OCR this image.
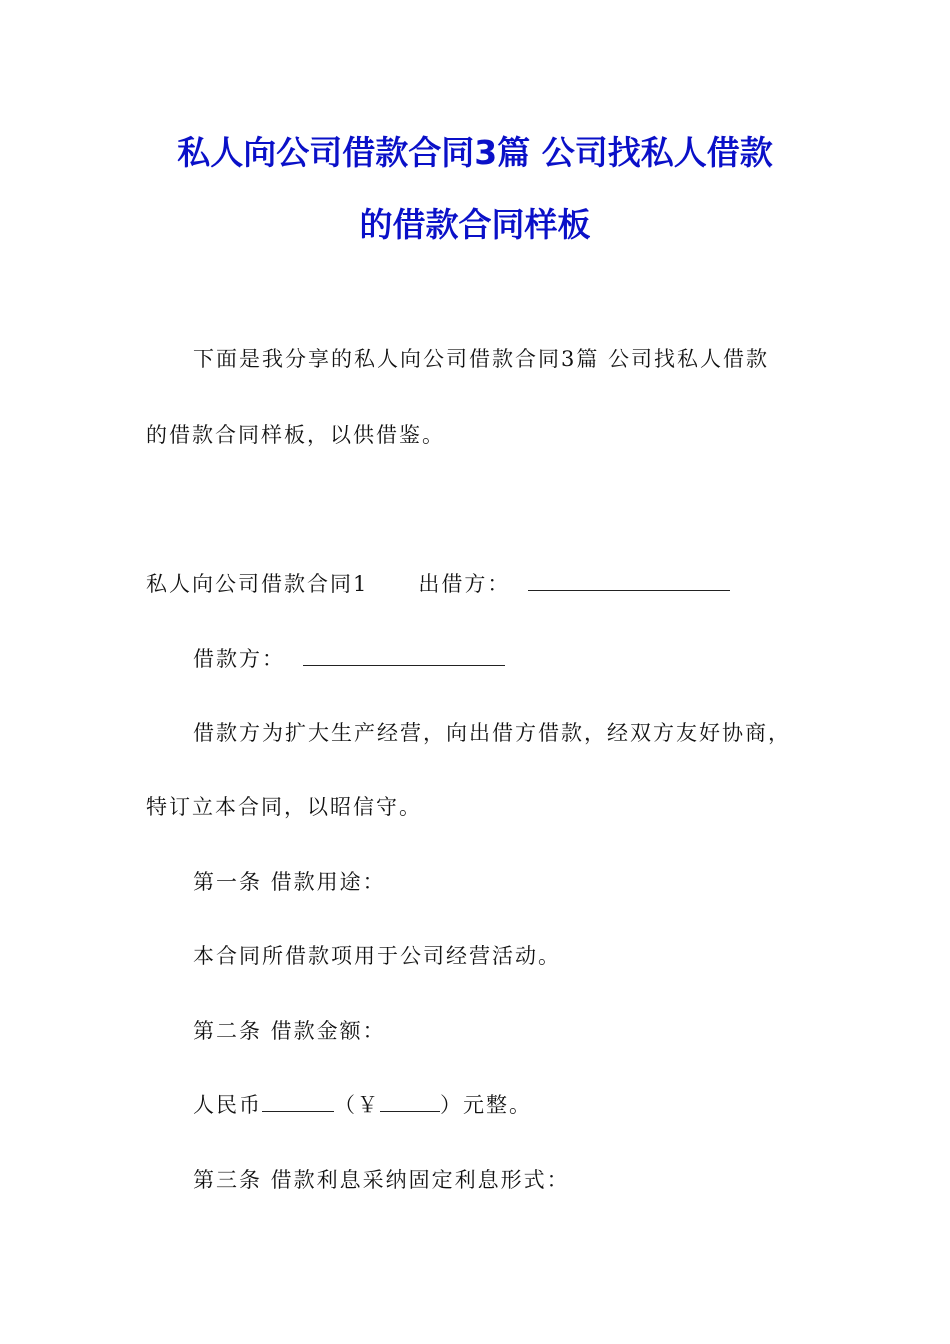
私人向公司借款合同3篇 公司找私人借款
的借款合同样板
下面是我分享的私人向公司借款合同3篇 公司找私人借款
的借款合同样板，以供借鉴。
私人向公司借款合同1 出借方：
借款方：
借款方为扩大生产经营，向出借方借款，经双方友好协商，
特订立本合同，以昭信守。
第一条 借款用途：
本合同所借款项用于公司经营活动。
第二条 借款金额：
人民币	（￥	）元整。
第三条 借款利息采纳固定利息形式：
